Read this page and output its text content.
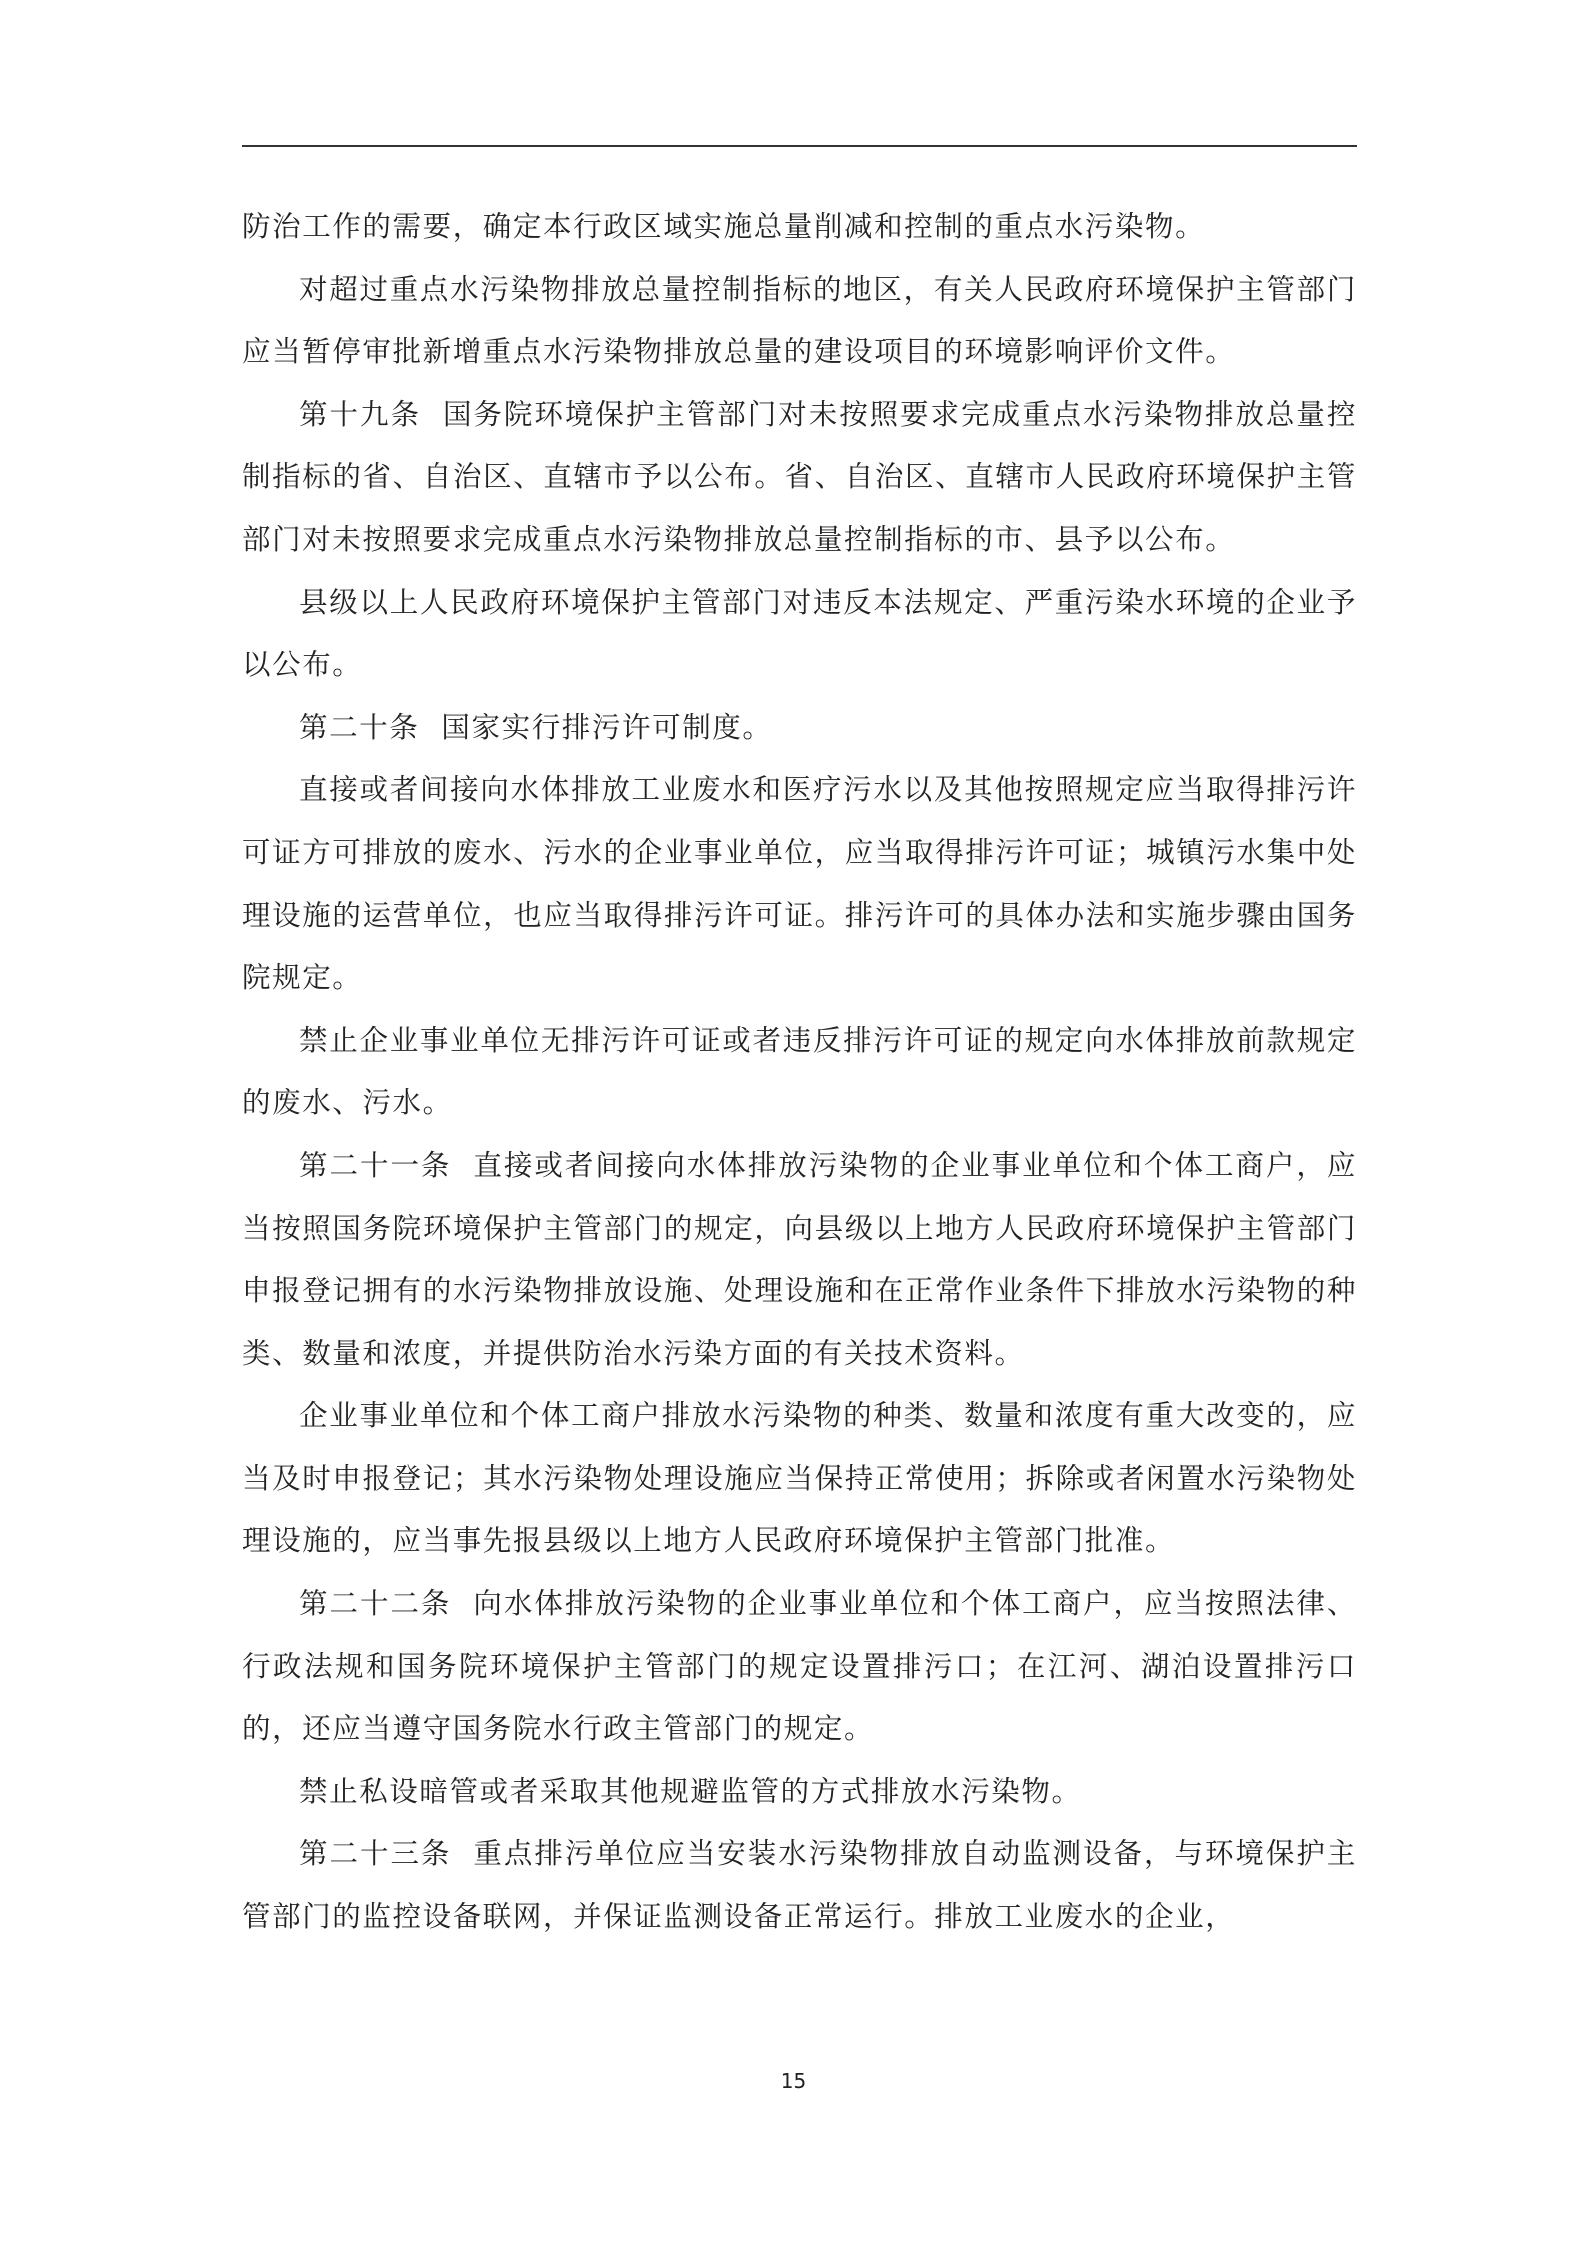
防治工作的需要，确定本行政区域实施总量削减和控制的重点水污染物。

对超过重点水污染物排放总量控制指标的地区，有关人民政府环境保护主管部门应当暂停审批新增重点水污染物排放总量的建设项目的环境影响评价文件。

第十九条 国务院环境保护主管部门对未按照要求完成重点水污染物排放总量控制指标的省、自治区、直辖市予以公布。省、自治区、直辖市人民政府环境保护主管部门对未按照要求完成重点水污染物排放总量控制指标的市、县予以公布。

县级以上人民政府环境保护主管部门对违反本法规定、严重污染水环境的企业予以公布。

第二十条 国家实行排污许可制度。

直接或者间接向水体排放工业废水和医疗污水以及其他按照规定应当取得排污许可证方可排放的废水、污水的企业事业单位，应当取得排污许可证；城镇污水集中处理设施的运营单位，也应当取得排污许可证。排污许可的具体办法和实施步骤由国务院规定。

禁止企业事业单位无排污许可证或者违反排污许可证的规定向水体排放前款规定的废水、污水。

第二十一条 直接或者间接向水体排放污染物的企业事业单位和个体工商户，应当按照国务院环境保护主管部门的规定，向县级以上地方人民政府环境保护主管部门申报登记拥有的水污染物排放设施、处理设施和在正常作业条件下排放水污染物的种类、数量和浓度，并提供防治水污染方面的有关技术资料。

企业事业单位和个体工商户排放水污染物的种类、数量和浓度有重大改变的，应当及时申报登记；其水污染物处理设施应当保持正常使用；拆除或者闲置水污染物处理设施的，应当事先报县级以上地方人民政府环境保护主管部门批准。

第二十二条 向水体排放污染物的企业事业单位和个体工商户，应当按照法律、行政法规和国务院环境保护主管部门的规定设置排污口；在江河、湖泊设置排污口的，还应当遵守国务院水行政主管部门的规定。

禁止私设暗管或者采取其他规避监管的方式排放水污染物。

第二十三条 重点排污单位应当安装水污染物排放自动监测设备，与环境保护主管部门的监控设备联网，并保证监测设备正常运行。排放工业废水的企业，

15
